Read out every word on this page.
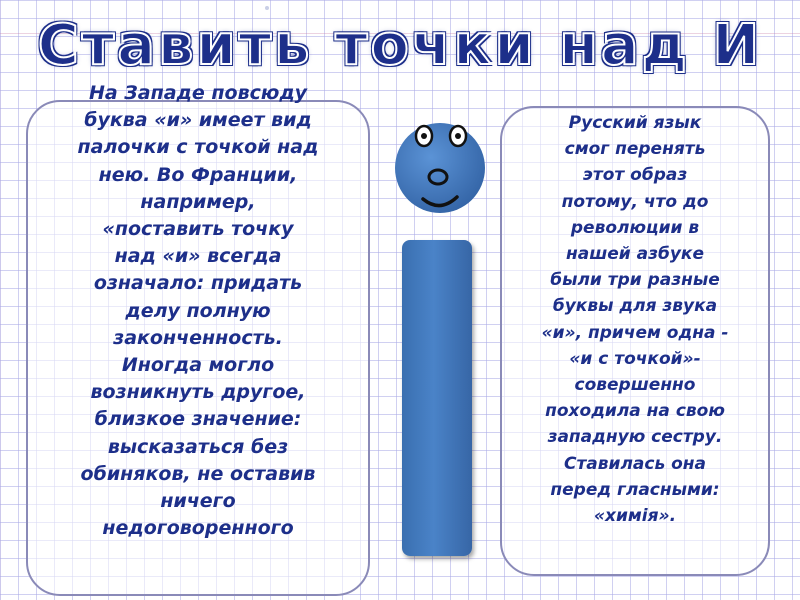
Ставить точки над И

На Западе повсюду
буква «и» имеет вид
палочки с точкой над
нею. Во Франции,
например,
«поставить точку
над «и» всегда
означало: придать
делу полную
законченность.
Иногда могло
возникнуть другое,
близкое значение:
высказаться без
обиняков, не оставив
ничего
недоговоренного

Русский язык
смог перенять
этот образ
потому, что до
революции в
нашей азбуке
были три разные
буквы для звука
«и», причем одна -
«и с точкой»-
совершенно
походила на свою
западную сестру.
Ставилась она
перед гласными:
«химiя».
